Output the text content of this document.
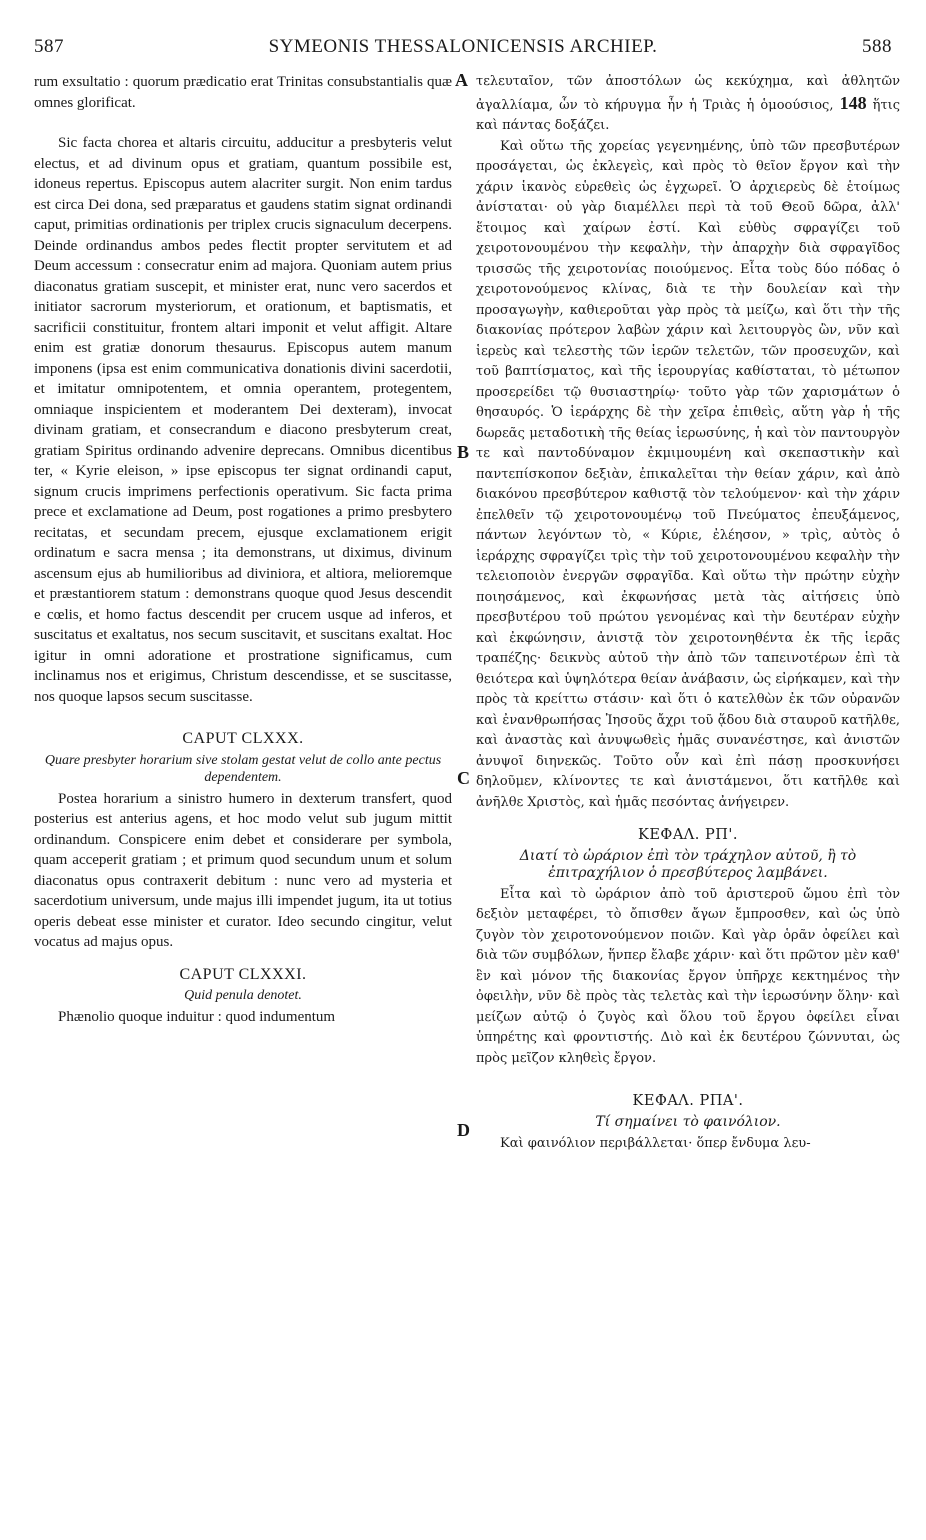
587	SYMEONIS THESSALONICENSIS ARCHIEP.	588
A
B
C
D

rum exsultatio : quorum prædicatio erat Trinitas consubstantialis quæ omnes glorificat.

Sic facta chorea et altaris circuitu, adducitur a presbyteris velut electus, et ad divinum opus et gratiam, quantum possibile est, idoneus repertus. Episcopus autem alacriter surgit. Non enim tardus est circa Dei dona, sed præparatus et gaudens statim signat ordinandi caput, primitias ordinationis per triplex crucis signaculum decerpens. Deinde ordinandus ambos pedes flectit propter servitutem et ad Deum accessum : consecratur enim ad majora. Quoniam autem prius diaconatus gratiam suscepit, et minister erat, nunc vero sacerdos et initiator sacrorum mysteriorum, et orationum, et baptismatis, et sacrificii constituitur, frontem altari imponit et velut affigit. Altare enim est gratiæ donorum thesaurus. Episcopus autem manum imponens (ipsa est enim communicativa donationis divini sacerdotii, et imitatur omnipotentem, et omnia operantem, protegentem, omniaque inspicientem et moderantem Dei dexteram), invocat divinam gratiam, et consecrandum e diacono presbyterum creat, gratiam Spiritus ordinando advenire deprecans. Omnibus dicentibus ter, « Kyrie eleison, » ipse episcopus ter signat ordinandi caput, signum crucis imprimens perfectionis operativum. Sic facta prima prece et exclamatione ad Deum, post rogationes a primo presbytero recitatas, et secundam precem, ejusque exclamationem erigit ordinatum e sacra mensa ; ita demonstrans, ut diximus, divinum ascensum ejus ab humilioribus ad diviniora, et altiora, melioremque et præstantiorem statum : demonstrans quoque quod Jesus descendit e cœlis, et homo factus descendit per crucem usque ad inferos, et suscitatus et exaltatus, nos secum suscitavit, et suscitans exaltat. Hoc igitur in omni adoratione et prostratione significamus, cum inclinamus nos et erigimus, Christum descendisse, et se suscitasse, nos quoque lapsos secum suscitasse.

CAPUT CLXXX.
Quare presbyter horarium sive stolam gestat velut de collo ante pectus dependentem.

Postea horarium a sinistro humero in dexterum transfert, quod posterius est anterius agens, et hoc modo velut sub jugum mittit ordinandum. Conspicere enim debet et considerare per symbola, quam acceperit gratiam ; et primum quod secundum unum et solum diaconatus opus contraxerit debitum : nunc vero ad mysteria et sacerdotium universum, unde majus illi impendet jugum, ita ut totius operis debeat esse minister et curator. Ideo secundo cingitur, velut vocatus ad majus opus.

CAPUT CLXXXI.
Quid penula denotet.

Phænolio quoque induitur : quod indumentum

τελευταῖον, τῶν ἀποστόλων ὡς κεκύχημα, καὶ ἀθλητῶν ἀγαλλίαμα, ὧν τὸ κήρυγμα ἦν ἡ Τριὰς ἡ ὁμοούσιος, 148 ἥτις καὶ πάντας δοξάζει.

Καὶ οὕτω τῆς χορείας γεγενημένης, ὑπὸ τῶν πρεσβυτέρων προσάγεται, ὡς ἐκλεγεὶς, καὶ πρὸς τὸ θεῖον ἔργον καὶ τὴν χάριν ἱκανὸς εὑρεθεὶς ὡς ἐγχωρεῖ. Ὁ ἀρχιερεὺς δὲ ἑτοίμως ἀνίσταται· οὐ γὰρ διαμέλλει περὶ τὰ τοῦ Θεοῦ δῶρα, ἀλλ' ἕτοιμος καὶ χαίρων ἐστί. Καὶ εὐθὺς σφραγίζει τοῦ χειροτονουμένου τὴν κεφαλὴν, τὴν ἀπαρχὴν διὰ σφραγῖδος τρισσῶς τῆς χειροτονίας ποιούμενος. Εἶτα τοὺς δύο πόδας ὁ χειροτονούμενος κλίνας, διὰ τε τὴν δουλείαν καὶ τὴν προσαγωγὴν, καθιεροῦται γὰρ πρὸς τὰ μείζω, καὶ ὅτι τὴν τῆς διακονίας πρότερον λαβὼν χάριν καὶ λειτουργὸς ὢν, νῦν καὶ ἱερεὺς καὶ τελεστὴς τῶν ἱερῶν τελετῶν, τῶν προσευχῶν, καὶ τοῦ βαπτίσματος, καὶ τῆς ἱερουργίας καθίσταται, τὸ μέτωπον προσερείδει τῷ θυσιαστηρίῳ· τοῦτο γὰρ τῶν χαρισμάτων ὁ θησαυρός. Ὁ ἱεράρχης δὲ τὴν χεῖρα ἐπιθεὶς, αὕτη γὰρ ἡ τῆς δωρεᾶς μεταδοτικὴ τῆς θείας ἱερωσύνης, ἡ καὶ τὸν παντουργὸν τε καὶ παντοδύναμον ἐκμιμουμένη καὶ σκεπαστικὴν καὶ παντεπίσκοπον δεξιὰν, ἐπικαλεῖται τὴν θείαν χάριν, καὶ ἀπὸ διακόνου πρεσβύτερον καθιστᾷ τὸν τελούμενον· καὶ τὴν χάριν ἐπελθεῖν τῷ χειροτονουμένῳ τοῦ Πνεύματος ἐπευξάμενος, πάντων λεγόντων τὸ, « Κύριε, ἐλέησον, » τρὶς, αὐτὸς ὁ ἱεράρχης σφραγίζει τρὶς τὴν τοῦ χειροτονουμένου κεφαλὴν τὴν τελειοποιὸν ἐνεργῶν σφραγῖδα. Καὶ οὕτω τὴν πρώτην εὐχὴν ποιησάμενος, καὶ ἐκφωνήσας μετὰ τὰς αἰτήσεις ὑπὸ πρεσβυτέρου τοῦ πρώτου γενομένας καὶ τὴν δευτέραν εὐχὴν καὶ ἐκφώνησιν, ἀνιστᾷ τὸν χειροτονηθέντα ἐκ τῆς ἱερᾶς τραπέζης· δεικνὺς αὐτοῦ τὴν ἀπὸ τῶν ταπεινοτέρων ἐπὶ τὰ θειότερα καὶ ὑψηλότερα θείαν ἀνάβασιν, ὡς εἰρήκαμεν, καὶ τὴν πρὸς τὰ κρείττω στάσιν· καὶ ὅτι ὁ κατελθὼν ἐκ τῶν οὐρανῶν καὶ ἐνανθρωπήσας Ἰησοῦς ἄχρι τοῦ ᾅδου διὰ σταυροῦ κατῆλθε, καὶ ἀναστὰς καὶ ἀνυψωθεὶς ἡμᾶς συνανέστησε, καὶ ἀνιστῶν ἀνυψοῖ διηνεκῶς. Τοῦτο οὖν καὶ ἐπὶ πάσῃ προσκυνήσει δηλοῦμεν, κλίνοντες τε καὶ ἀνιστάμενοι, ὅτι κατῆλθε καὶ ἀνῆλθε Χριστὸς, καὶ ἡμᾶς πεσόντας ἀνήγειρεν.

ΚΕΦΑΛ. ΡΠ'.
Διατί τὸ ὠράριον ἐπὶ τὸν τράχηλον αὐτοῦ, ἢ τὸ ἐπιτραχήλιον ὁ πρεσβύτερος λαμβάνει.

Εἶτα καὶ τὸ ὠράριον ἀπὸ τοῦ ἀριστεροῦ ὤμου ἐπὶ τὸν δεξιὸν μεταφέρει, τὸ ὄπισθεν ἄγων ἔμπροσθεν, καὶ ὡς ὑπὸ ζυγὸν τὸν χειροτονούμενον ποιῶν. Καὶ γὰρ ὁρᾶν ὀφείλει καὶ διὰ τῶν συμβόλων, ἥνπερ ἔλαβε χάριν· καὶ ὅτι πρῶτον μὲν καθ' ἓν καὶ μόνον τῆς διακονίας ἔργον ὑπῆρχε κεκτημένος τὴν ὀφειλὴν, νῦν δὲ πρὸς τὰς τελετὰς καὶ τὴν ἱερωσύνην ὅλην· καὶ μείζων αὐτῷ ὁ ζυγὸς καὶ ὅλου τοῦ ἔργου ὀφείλει εἶναι ὑπηρέτης καὶ φροντιστής. Διὸ καὶ ἐκ δευτέρου ζώννυται, ὡς πρὸς μεῖζον κληθεὶς ἔργον.

ΚΕΦΑΛ. ΡΠΑ'.
Τί σημαίνει τὸ φαινόλιον.

Καὶ φαινόλιον περιβάλλεται· ὅπερ ἔνδυμα λευ-
